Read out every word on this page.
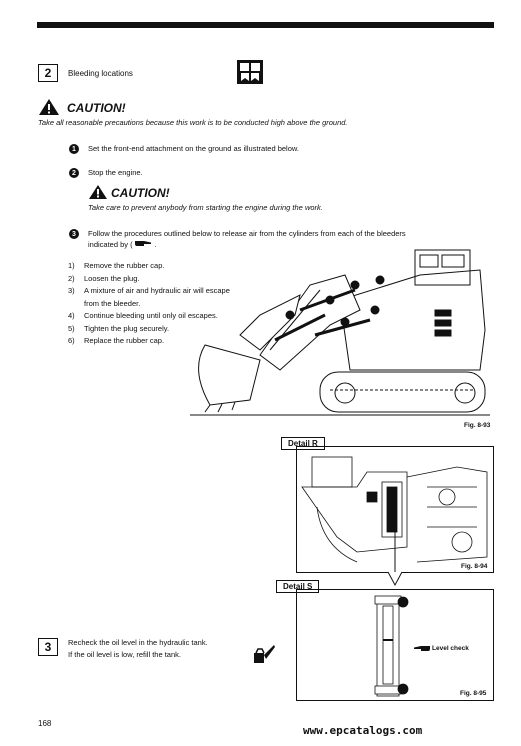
2	Bleeding locations
CAUTION!
Take all reasonable precautions because this work is to be conducted high above the ground.
1	Set the front-end attachment on the ground as illustrated below.
2	Stop the engine.
CAUTION!
Take care to prevent anybody from starting the engine during the work.
3	Follow the procedures outlined below to release air from the cylinders from each of the bleeders
indicated by (	.
1)	Remove the rubber cap.
2)	Loosen the plug.
3)	A mixture of air and hydraulic air will escape
from the bleeder.
4)	Continue bleeding until only oil escapes.
5)	Tighten the plug securely.
6)	Replace the rubber cap.
Fig. 8-93
Detail R
Fig. 8-94
Detail S
Level check
Fig. 8-95
3	Recheck the oil level in the hydraulic tank.
If the oil level is low, refill the tank.
168
www.epcatalogs.com
